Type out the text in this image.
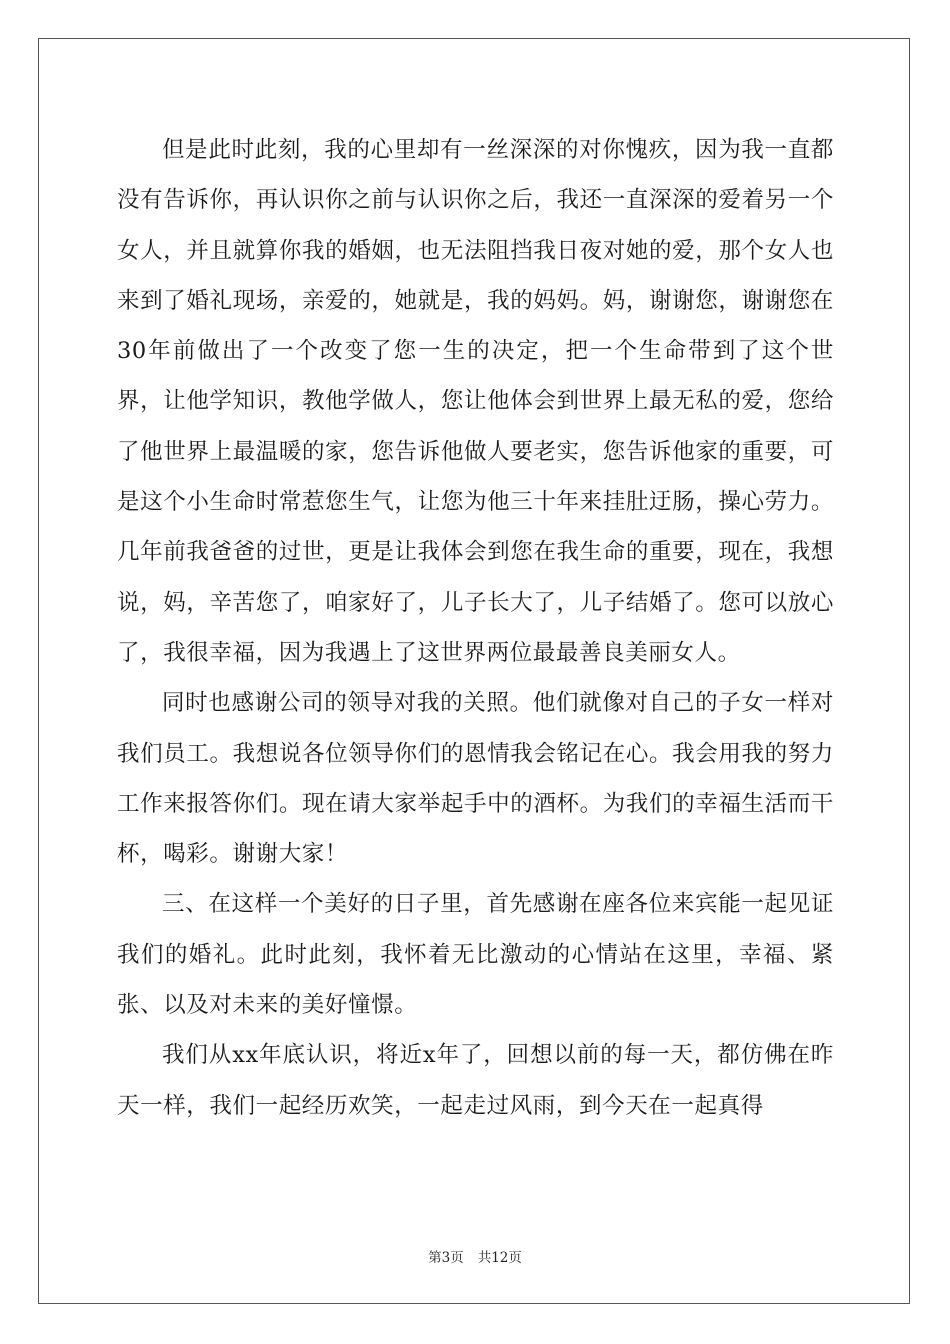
但是此时此刻，我的心里却有一丝深深的对你愧疚，因为我一直都没有告诉你，再认识你之前与认识你之后，我还一直深深的爱着另一个女人，并且就算你我的婚姻，也无法阻挡我日夜对她的爱，那个女人也来到了婚礼现场，亲爱的，她就是，我的妈妈。妈，谢谢您，谢谢您在30年前做出了一个改变了您一生的决定，把一个生命带到了这个世界，让他学知识，教他学做人，您让他体会到世界上最无私的爱，您给了他世界上最温暖的家，您告诉他做人要老实，您告诉他家的重要，可是这个小生命时常惹您生气，让您为他三十年来挂肚迂肠，操心劳力。几年前我爸爸的过世，更是让我体会到您在我生命的重要，现在，我想说，妈，辛苦您了，咱家好了，儿子长大了，儿子结婚了。您可以放心了，我很幸福，因为我遇上了这世界两位最最善良美丽女人。

同时也感谢公司的领导对我的关照。他们就像对自己的子女一样对我们员工。我想说各位领导你们的恩情我会铭记在心。我会用我的努力工作来报答你们。现在请大家举起手中的酒杯。为我们的幸福生活而干杯，喝彩。谢谢大家！

三、在这样一个美好的日子里，首先感谢在座各位来宾能一起见证我们的婚礼。此时此刻，我怀着无比激动的心情站在这里，幸福、紧张、以及对未来的美好憧憬。

我们从xx年底认识，将近x年了，回想以前的每一天，都仿佛在昨天一样，我们一起经历欢笑，一起走过风雨，到今天在一起真得

第3页 共12页
